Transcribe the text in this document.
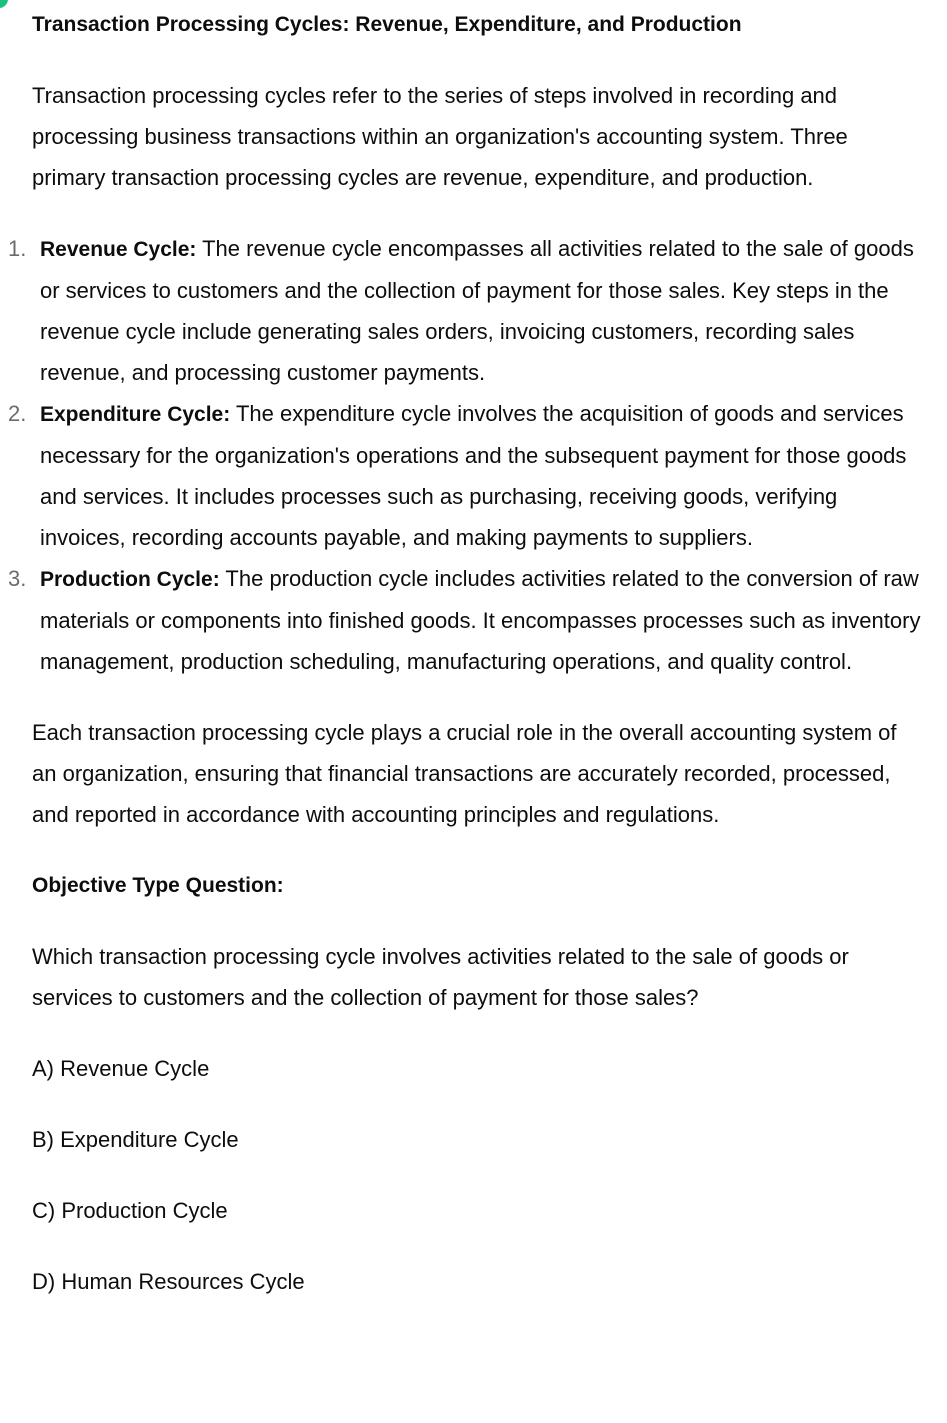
Transaction Processing Cycles: Revenue, Expenditure, and Production

Transaction processing cycles refer to the series of steps involved in recording and processing business transactions within an organization's accounting system. Three primary transaction processing cycles are revenue, expenditure, and production.

1. Revenue Cycle: The revenue cycle encompasses all activities related to the sale of goods or services to customers and the collection of payment for those sales. Key steps in the revenue cycle include generating sales orders, invoicing customers, recording sales revenue, and processing customer payments.
2. Expenditure Cycle: The expenditure cycle involves the acquisition of goods and services necessary for the organization's operations and the subsequent payment for those goods and services. It includes processes such as purchasing, receiving goods, verifying invoices, recording accounts payable, and making payments to suppliers.
3. Production Cycle: The production cycle includes activities related to the conversion of raw materials or components into finished goods. It encompasses processes such as inventory management, production scheduling, manufacturing operations, and quality control.

Each transaction processing cycle plays a crucial role in the overall accounting system of an organization, ensuring that financial transactions are accurately recorded, processed, and reported in accordance with accounting principles and regulations.

Objective Type Question:

Which transaction processing cycle involves activities related to the sale of goods or services to customers and the collection of payment for those sales?

A) Revenue Cycle

B) Expenditure Cycle

C) Production Cycle

D) Human Resources Cycle
